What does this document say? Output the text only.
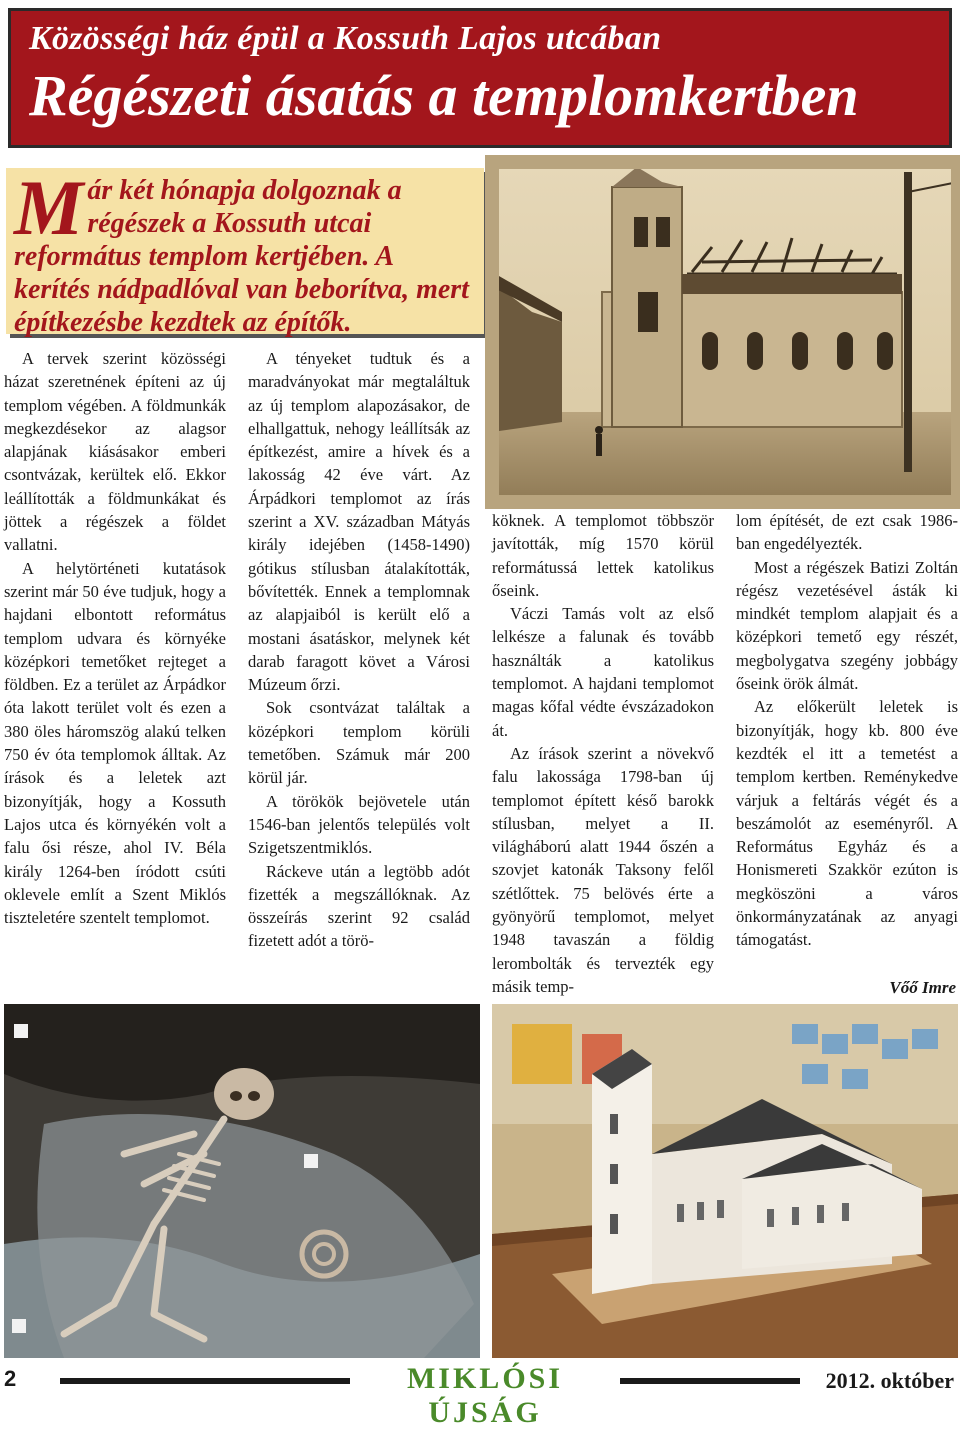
Közösségi ház épül a Kossuth Lajos utcában
Régészeti ásatás a templomkertben
M ár két hónapja dolgoznak a régészek a Kossuth utcai református templom kertjében. A kerítés nádpadlóval van beborítva, mert építkezésbe kezdtek az építők.

A tervek szerint közösségi házat szeretnének építeni az új templom végében. A földmunkák megkezdésekor az alagsor alapjának kiásásakor emberi csontvázak, kerültek elő. Ekkor leállították a földmunkákat és jöttek a régészek a földet vallatni.

A helytörténeti kutatások szerint már 50 éve tudjuk, hogy a hajdani elbontott református templom udvara és környéke középkori temetőket rejteget a földben. Ez a terület az Árpádkor óta lakott terület volt és ezen a 380 öles háromszög alakú telken 750 év óta templomok álltak. Az írások és a leletek azt bizonyítják, hogy a Kossuth Lajos utca és környékén volt a falu ősi része, ahol IV. Béla király 1264-ben íródott csúti oklevele említ a Szent Miklós tiszteletére szentelt templomot.

A tényeket tudtuk és a maradványokat már megtaláltuk az új templom alapozásakor, de elhallgattuk, nehogy leállítsák az építkezést, amire a hívek és a lakosság 42 éve várt. Az Árpádkori templomot az írás szerint a XV. században Mátyás király idejében (1458-1490) gótikus stílusban átalakították, bővítették. Ennek a templomnak az alapjaiból is került elő a mostani ásatáskor, melynek két darab faragott követ a Városi Múzeum őrzi.

Sok csontvázat találtak a középkori templom körüli temetőben. Számuk már 200 körül jár.

A törökök bejövetele után 1546-ban jelentős település volt Szigetszentmiklós.

Ráckeve után a legtöbb adót fizették a megszállóknak. Az összeírás szerint 92 család fizetett adót a törö-

köknek. A templomot többször javították, míg 1570 körül reformátussá lettek katolikus őseink.

Váczi Tamás volt az első lelkésze a falunak és tovább használták a katolikus templomot. A hajdani templomot magas kőfal védte évszázadokon át.

Az írások szerint a növekvő falu lakossága 1798-ban új templomot épített késő barokk stílusban, melyet a II. világháború alatt 1944 őszén a szovjet katonák Taksony felől szétlőttek. 75 belövés érte a gyönyörű templomot, melyet 1948 tavaszán a földig lerombolták és tervezték egy másik temp-

lom építését, de ezt csak 1986-ban engedélyezték.

Most a régészek Batizi Zoltán régész vezetésével ásták ki mindkét templom alapjait és a középkori temető egy részét, megbolygatva szegény jobbágy őseink örök álmát.

Az előkerült leletek is bizonyítják, hogy kb. 800 éve kezdték el itt a temetést a templom kertben. Reménykedve várjuk a feltárás végét és a beszámolót az eseményről. A Református Egyház és a Honismereti Szakkör ezúton is megköszöni a város önkormányzatának az anyagi támogatást.

Vőő Imre
2	MIKLÓSI ÚJSÁG
2012. október
